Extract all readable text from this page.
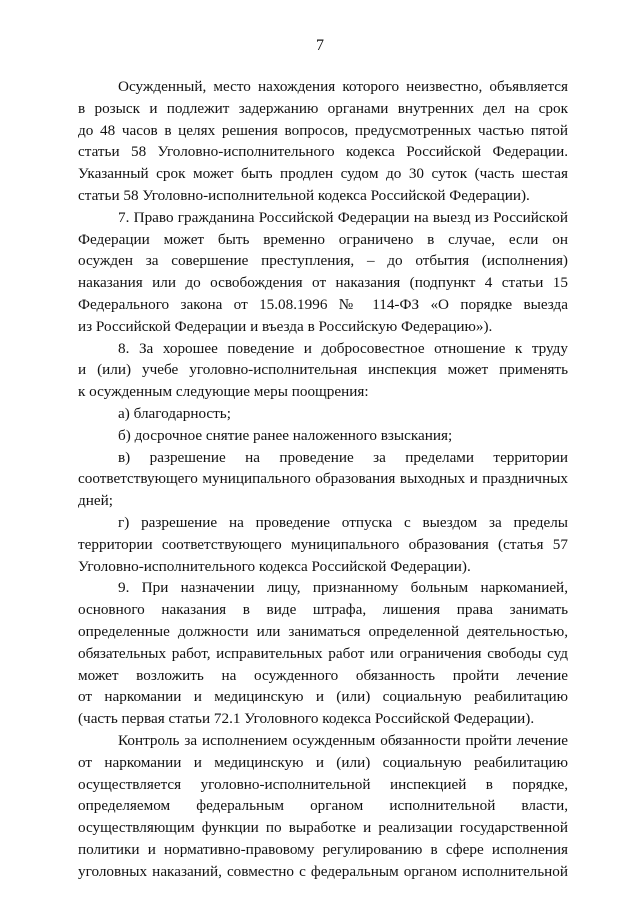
7

Осужденный, место нахождения которого неизвестно, объявляется
в розыск и подлежит задержанию органами внутренних дел на срок
до 48 часов в целях решения вопросов, предусмотренных частью пятой
статьи 58 Уголовно-исполнительного кодекса Российской Федерации.
Указанный срок может быть продлен судом до 30 суток (часть шестая
статьи 58 Уголовно-исполнительной кодекса Российской Федерации).

7. Право гражданина Российской Федерации на выезд из Российской
Федерации может быть временно ограничено в случае, если он
осужден за совершение преступления, – до отбытия (исполнения)
наказания или до освобождения от наказания (подпункт 4 статьи 15
Федерального закона от 15.08.1996 № 114-ФЗ «О порядке выезда
из Российской Федерации и въезда в Российскую Федерацию»).

8. За хорошее поведение и добросовестное отношение к труду
и (или) учебе уголовно-исполнительная инспекция может применять
к осужденным следующие меры поощрения:

а) благодарность;

б) досрочное снятие ранее наложенного взыскания;

в) разрешение на проведение за пределами территории
соответствующего муниципального образования выходных и праздничных
дней;

г) разрешение на проведение отпуска с выездом за пределы
территории соответствующего муниципального образования (статья 57
Уголовно-исполнительного кодекса Российской Федерации).

9. При назначении лицу, признанному больным наркоманией,
основного наказания в виде штрафа, лишения права занимать
определенные должности или заниматься определенной деятельностью,
обязательных работ, исправительных работ или ограничения свободы суд
может возложить на осужденного обязанность пройти лечение
от наркомании и медицинскую и (или) социальную реабилитацию
(часть первая статьи 72.1 Уголовного кодекса Российской Федерации).

Контроль за исполнением осужденным обязанности пройти лечение
от наркомании и медицинскую и (или) социальную реабилитацию
осуществляется уголовно-исполнительной инспекцией в порядке,
определяемом федеральным органом исполнительной власти,
осуществляющим функции по выработке и реализации государственной
политики и нормативно-правовому регулированию в сфере исполнения
уголовных наказаний, совместно с федеральным органом исполнительной
